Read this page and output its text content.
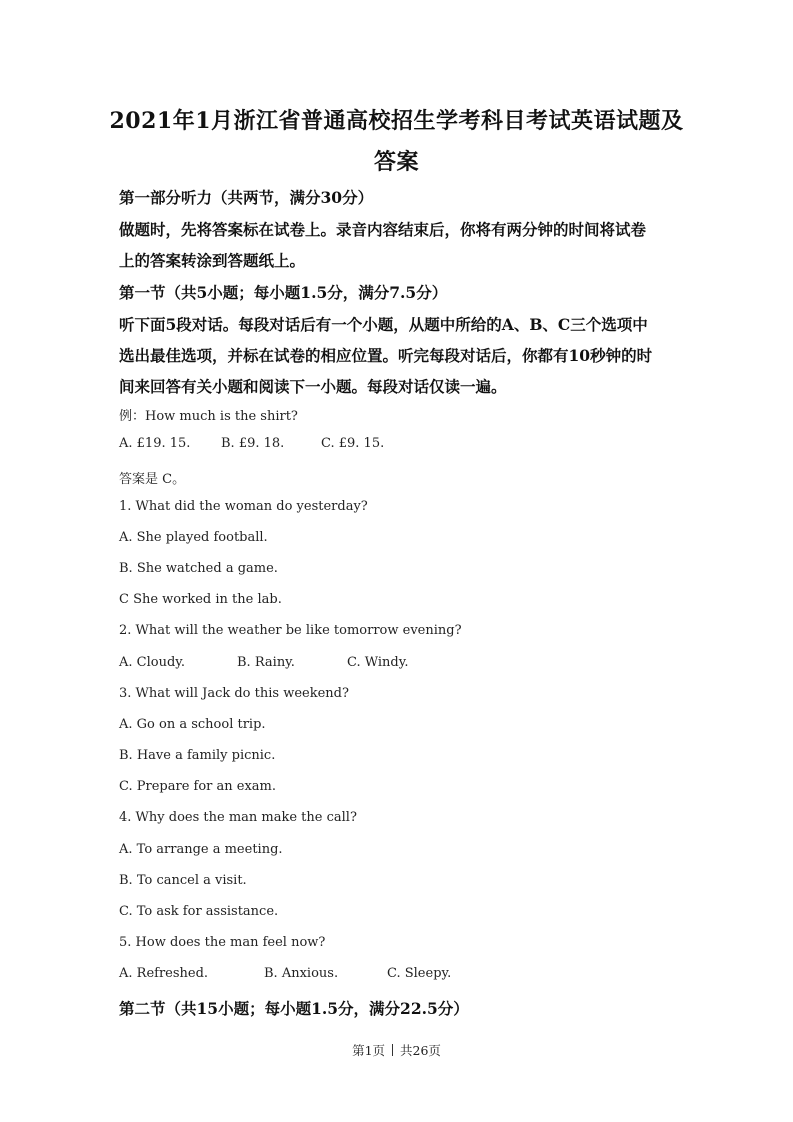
2021年1月浙江省普通高校招生学考科目考试英语试题及
答案
第一部分听力（共两节，满分30分）
做题时，先将答案标在试卷上。录音内容结束后，你将有两分钟的时间将试卷
上的答案转涂到答题纸上。
第一节（共5小题；每小题1.5分，满分7.5分）
听下面5段对话。每段对话后有一个小题，从题中所给的A、B、C三个选项中
选出最佳选项，并标在试卷的相应位置。听完每段对话后，你都有10秒钟的时
间来回答有关小题和阅读下一小题。每段对话仅读一遍。
例：How much is the shirt?
A. £19. 15. B. £9. 18.	C. £9. 15.
答案是 C。
1. What did the woman do yesterday?
A. She played football.
B. She watched a game.
C She worked in the lab.
2. What will the weather be like tomorrow evening?
A. Cloudy.	B. Rainy.	C. Windy.
3. What will Jack do this weekend?
A. Go on a school trip.
B. Have a family picnic.
C. Prepare for an exam.
4. Why does the man make the call?
A. To arrange a meeting.
B. To cancel a visit.
C. To ask for assistance.
5. How does the man feel now?
A. Refreshed.	B. Anxious.	C. Sleepy.
第二节（共15小题；每小题1.5分，满分22.5分）
第1页 共26页
